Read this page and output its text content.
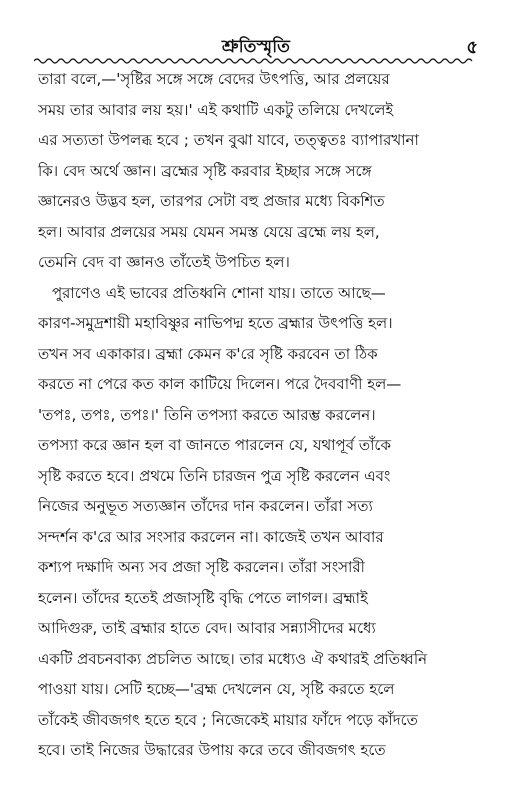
শ্রুতিস্মৃতি	৫
তারা বলে,—'সৃষ্টির সঙ্গে সঙ্গে বেদের উৎপত্তি, আর প্রলয়ের
সময় তার আবার লয় হয়।' এই কথাটি একটু তলিয়ে দেখলেই
এর সত্যতা উপলব্ধ হবে ; তখন বুঝা যাবে, তত্ত্বতঃ ব্যাপারখানা
কি। বেদ অর্থে জ্ঞান। ব্রহ্মের সৃষ্টি করবার ইচ্ছার সঙ্গে সঙ্গে
জ্ঞানেরও উদ্ভব হল, তারপর সেটা বহু প্রজার মধ্যে বিকশিত
হল। আবার প্রলয়ের সময় যেমন সমস্ত যেয়ে ব্রহ্মে লয় হল,
তেমনি বেদ বা জ্ঞানও তাঁতেই উপচিত হল।
পুরাণেও এই ভাবের প্রতিধ্বনি শোনা যায়। তাতে আছে—
কারণ-সমুদ্রশায়ী মহাবিষ্ণুর নাভিপদ্ম হতে ব্রহ্মার উৎপত্তি হল।
তখন সব একাকার। ব্রহ্মা কেমন ক'রে সৃষ্টি করবেন তা ঠিক
করতে না পেরে কত কাল কাটিয়ে দিলেন। পরে দৈববাণী হল—
'তপঃ, তপঃ, তপঃ।' তিনি তপস্যা করতে আরম্ভ করলেন।
তপস্যা করে জ্ঞান হল বা জানতে পারলেন যে, যথাপূর্ব তাঁকে
সৃষ্টি করতে হবে। প্রথমে তিনি চারজন পুত্র সৃষ্টি করলেন এবং
নিজের অনুভূত সত্যজ্ঞান তাঁদের দান করলেন। তাঁরা সত্য
সন্দর্শন ক'রে আর সংসার করলেন না। কাজেই তখন আবার
কশ্যপ দক্ষাদি অন্য সব প্রজা সৃষ্টি করলেন। তাঁরা সংসারী
হলেন। তাঁদের হতেই প্রজাসৃষ্টি বৃদ্ধি পেতে লাগল। ব্রহ্মাই
আদিগুরু, তাই ব্রহ্মার হাতে বেদ। আবার সন্ন্যাসীদের মধ্যে
একটি প্রবচনবাক্য প্রচলিত আছে। তার মধ্যেও ঐ কথারই প্রতিধ্বনি
পাওয়া যায়। সেটি হচ্ছে—'ব্রহ্ম দেখলেন যে, সৃষ্টি করতে হলে
তাঁকেই জীবজগৎ হতে হবে ; নিজেকেই মায়ার ফাঁদে পড়ে কাঁদতে
হবে। তাই নিজের উদ্ধারের উপায় করে তবে জীবজগৎ হতে
